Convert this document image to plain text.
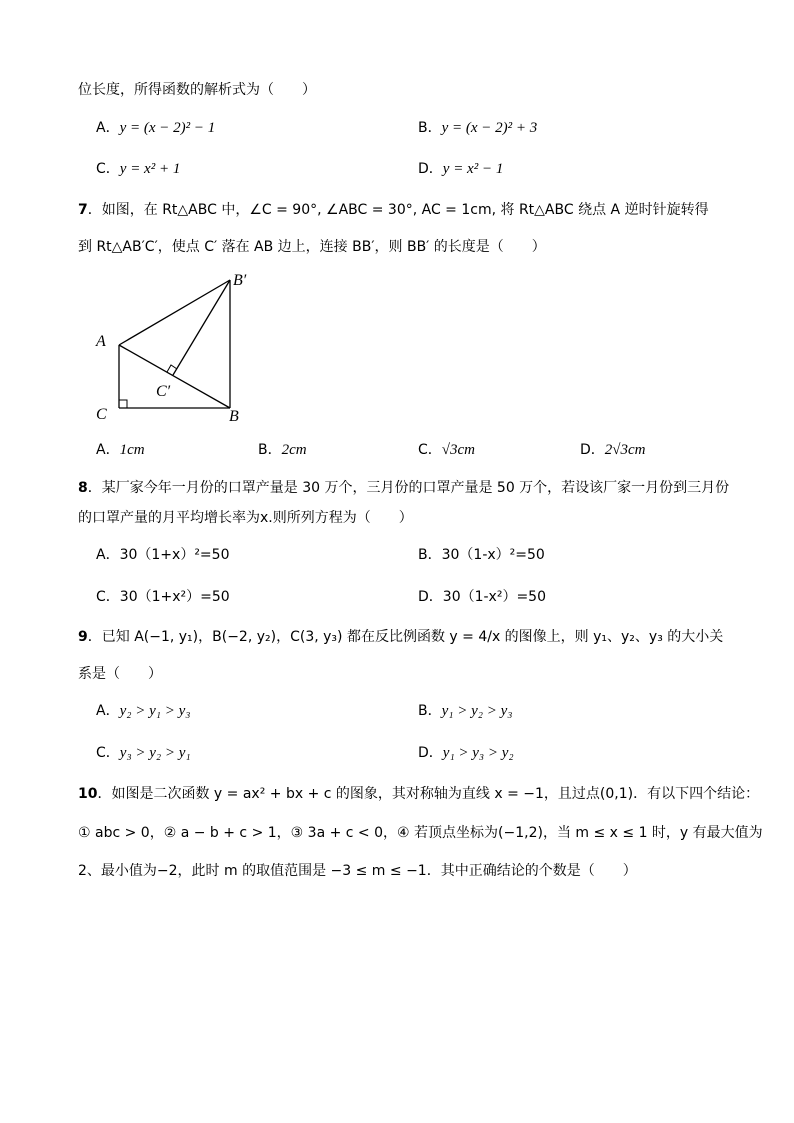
位长度，所得函数的解析式为（　　）
A．y = (x − 2)² − 1	B．y = (x − 2)² + 3
C．y = x² + 1	D．y = x² − 1
7．如图，在 Rt△ABC 中，∠C = 90°, ∠ABC = 30°, AC = 1cm, 将 Rt△ABC 绕点 A 逆时针旋转得
到 Rt△AB′C′，使点 C′ 落在 AB 边上，连接 BB′，则 BB′ 的长度是（　　）
A
C	B
B′
C′
A．1cm	B．2cm	C．√3cm	D．2√3cm
8．某厂家今年一月份的口罩产量是 30 万个，三月份的口罩产量是 50 万个，若设该厂家一月份到三月份
的口罩产量的月平均增长率为x.则所列方程为（　　）
A．30（1+x）²=50	B．30（1-x）²=50
C．30（1+x²）=50	D．30（1-x²）=50
9．已知 A(−1, y₁)，B(−2, y₂)，C(3, y₃) 都在反比例函数 y = 4/x 的图像上，则 y₁、y₂、y₃ 的大小关
系是（　　）
A．y₂ > y₁ > y₃	B．y₁ > y₂ > y₃
C．y₃ > y₂ > y₁	D．y₁ > y₃ > y₂
10．如图是二次函数 y = ax² + bx + c 的图象，其对称轴为直线 x = −1，且过点(0,1)．有以下四个结论：
① abc > 0，② a − b + c > 1，③ 3a + c < 0，④ 若顶点坐标为(−1,2)，当 m ≤ x ≤ 1 时，y 有最大值为
2、最小值为−2，此时 m 的取值范围是 −3 ≤ m ≤ −1．其中正确结论的个数是（　　）
